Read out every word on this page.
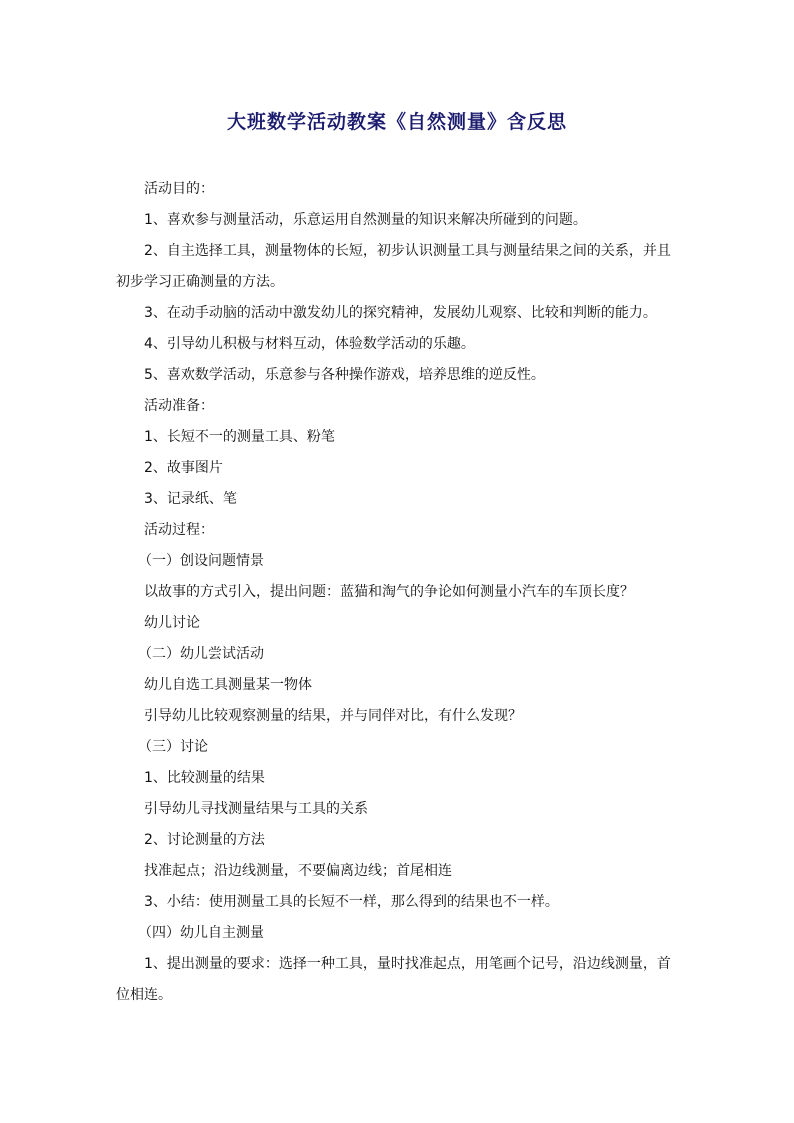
大班数学活动教案《自然测量》含反思

活动目的：

1、喜欢参与测量活动，乐意运用自然测量的知识来解决所碰到的问题。

2、自主选择工具，测量物体的长短，初步认识测量工具与测量结果之间的关系，并且初步学习正确测量的方法。

3、在动手动脑的活动中激发幼儿的探究精神，发展幼儿观察、比较和判断的能力。

4、引导幼儿积极与材料互动，体验数学活动的乐趣。

5、喜欢数学活动，乐意参与各种操作游戏，培养思维的逆反性。

活动准备：

1、长短不一的测量工具、粉笔

2、故事图片

3、记录纸、笔

活动过程：

（一）创设问题情景

以故事的方式引入，提出问题：蓝猫和淘气的争论如何测量小汽车的车顶长度？

幼儿讨论

（二）幼儿尝试活动

幼儿自选工具测量某一物体

引导幼儿比较观察测量的结果，并与同伴对比，有什么发现？

（三）讨论

1、比较测量的结果

引导幼儿寻找测量结果与工具的关系

2、讨论测量的方法

找准起点；沿边线测量，不要偏离边线；首尾相连

3、小结：使用测量工具的长短不一样，那么得到的结果也不一样。

（四）幼儿自主测量

1、提出测量的要求：选择一种工具，量时找准起点，用笔画个记号，沿边线测量，首位相连。
